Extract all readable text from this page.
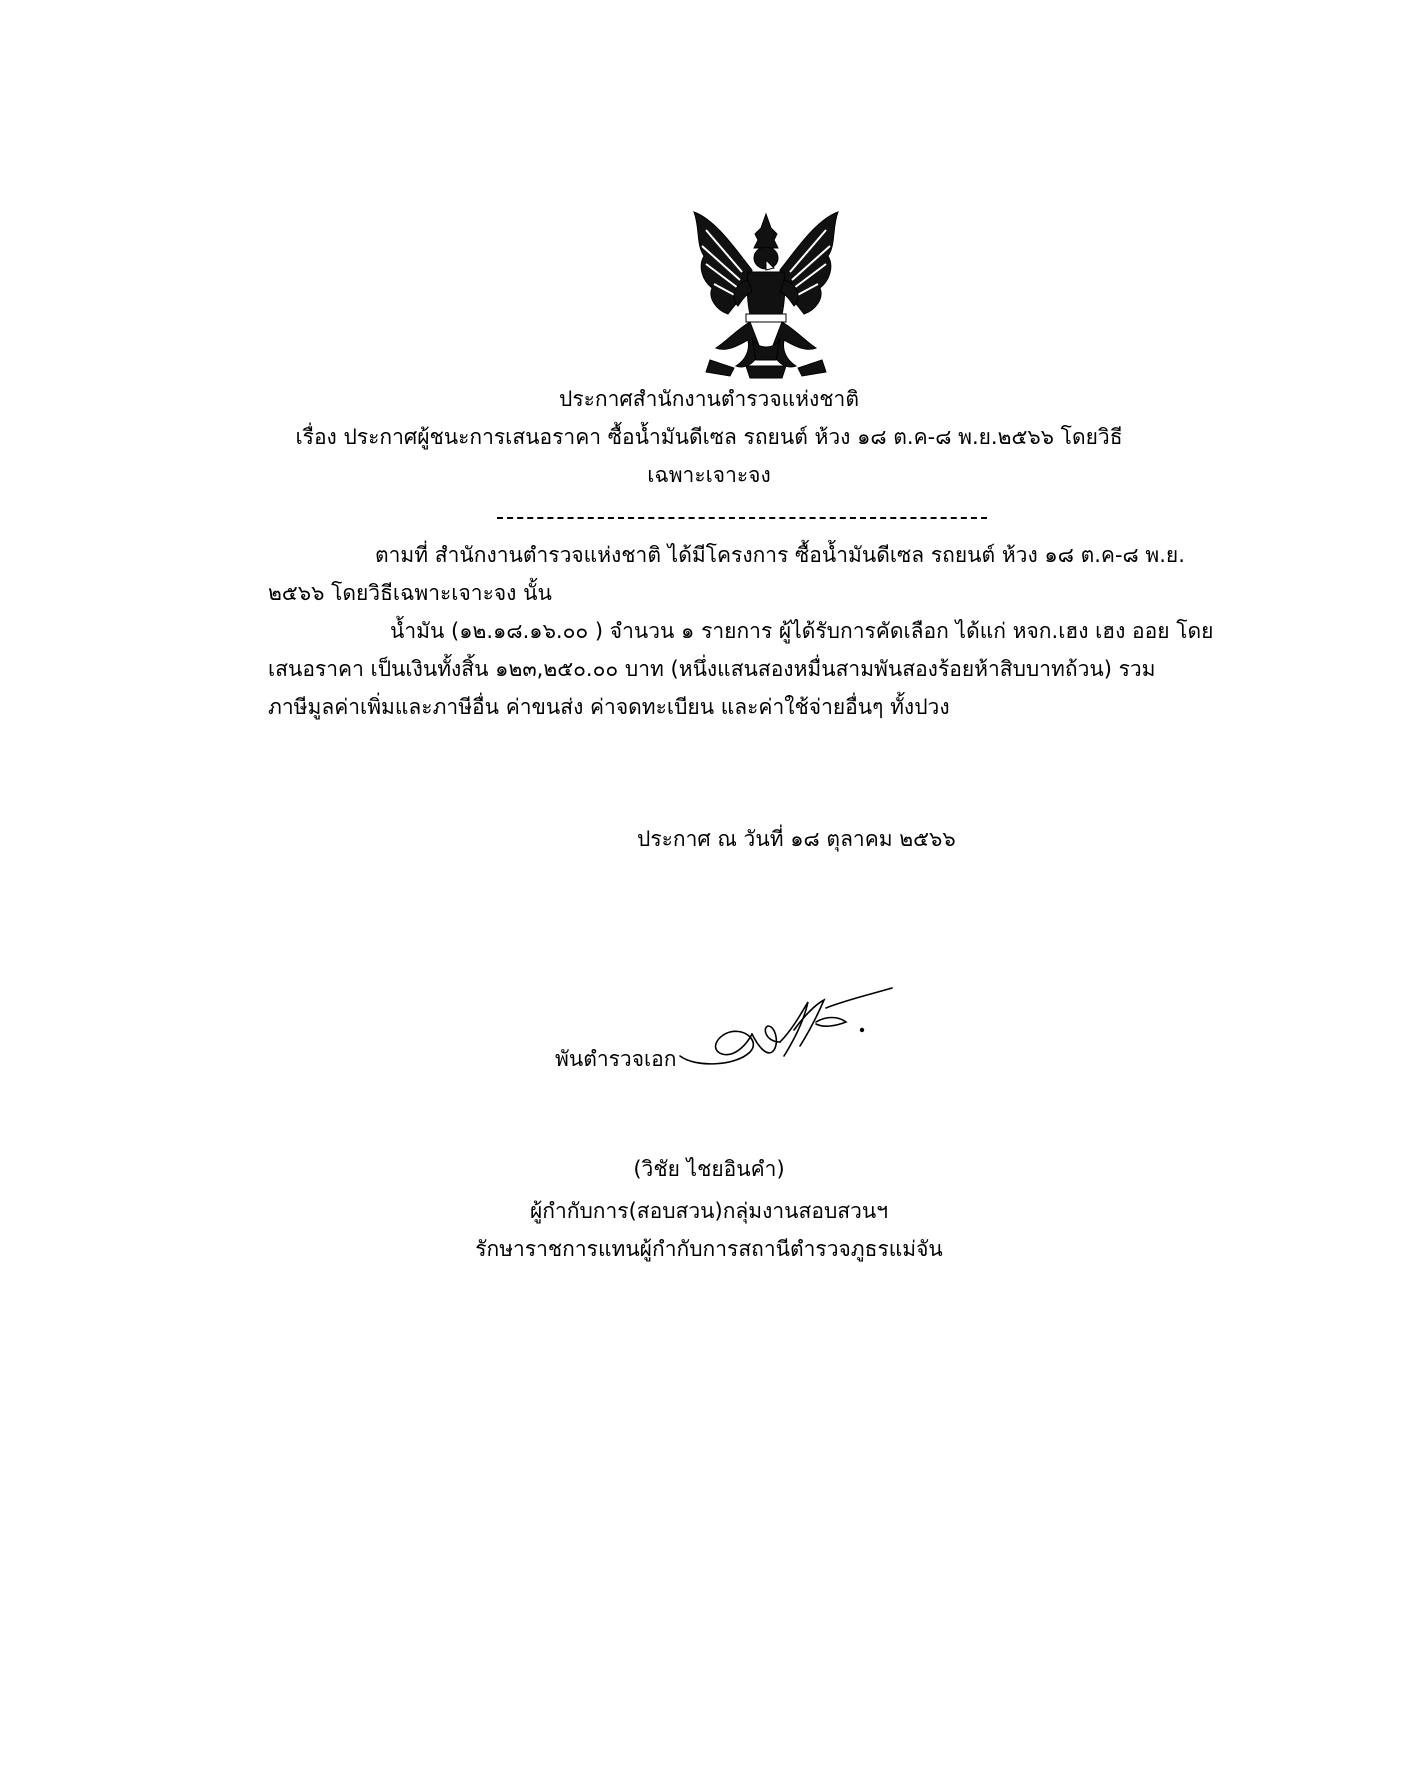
ประกาศสำนักงานตำรวจแห่งชาติ
เรื่อง ประกาศผู้ชนะการเสนอราคา ซื้อน้ำมันดีเซล รถยนต์ ห้วง ๑๘ ต.ค-๘ พ.ย.๒๕๖๖ โดยวิธี
เฉพาะเจาะจง
ตามที่ สำนักงานตำรวจแห่งชาติ ได้มีโครงการ ซื้อน้ำมันดีเซล รถยนต์ ห้วง ๑๘ ต.ค-๘ พ.ย.
๒๕๖๖ โดยวิธีเฉพาะเจาะจง นั้น
น้ำมัน (๑๒.๑๘.๑๖.๐๐ ) จำนวน ๑ รายการ ผู้ได้รับการคัดเลือก ได้แก่ หจก.เฮง เฮง ออย โดย
เสนอราคา เป็นเงินทั้งสิ้น ๑๒๓,๒๕๐.๐๐ บาท (หนึ่งแสนสองหมื่นสามพันสองร้อยห้าสิบบาทถ้วน) รวม
ภาษีมูลค่าเพิ่มและภาษีอื่น ค่าขนส่ง ค่าจดทะเบียน และค่าใช้จ่ายอื่นๆ ทั้งปวง
ประกาศ ณ วันที่ ๑๘ ตุลาคม ๒๕๖๖
พันตำรวจเอก
(วิชัย ไชยอินคำ)
ผู้กำกับการ(สอบสวน)กลุ่มงานสอบสวนฯ
รักษาราชการแทนผู้กำกับการสถานีตำรวจภูธรแม่จัน
